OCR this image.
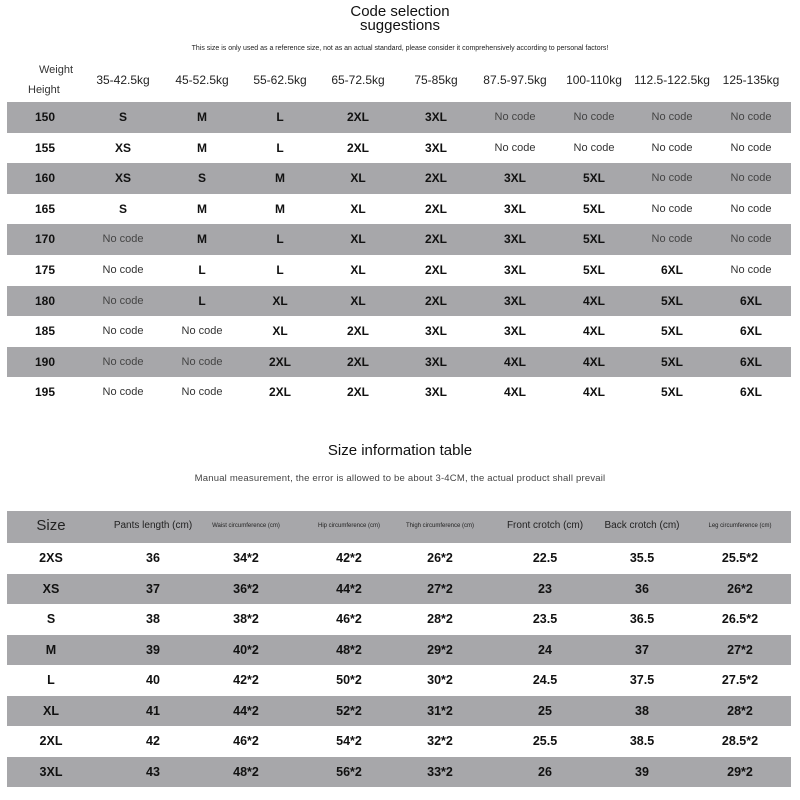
Code selection
suggestions
This size is only used as a reference size, not as an actual standard, please consider it comprehensively according to personal factors!
Weight
Height
35-42.5kg	45-52.5kg	55-62.5kg	65-72.5kg	75-85kg	87.5-97.5kg	100-110kg	112.5-122.5kg	125-135kg
150	S	M	L	2XL	3XL	No code	No code	No code	No code
155	XS	M	L	2XL	3XL	No code	No code	No code	No code
160	XS	S	M	XL	2XL	3XL	5XL	No code	No code
165	S	M	M	XL	2XL	3XL	5XL	No code	No code
170	No code	M	L	XL	2XL	3XL	5XL	No code	No code
175	No code	L	L	XL	2XL	3XL	5XL	6XL	No code
180	No code	L	XL	XL	2XL	3XL	4XL	5XL	6XL
185	No code	No code	XL	2XL	3XL	3XL	4XL	5XL	6XL
190	No code	No code	2XL	2XL	3XL	4XL	4XL	5XL	6XL
195	No code	No code	2XL	2XL	3XL	4XL	4XL	5XL	6XL
Size information table
Manual measurement, the error is allowed to be about 3-4CM, the actual product shall prevail
Size	Pants length (cm)	Waist circumference (cm)	Hip circumference (cm)	Thigh circumference (cm)	Front crotch (cm)	Back crotch (cm)	Leg circumference (cm)
2XS	36	34*2	42*2	26*2	22.5	35.5	25.5*2
XS	37	36*2	44*2	27*2	23	36	26*2
S	38	38*2	46*2	28*2	23.5	36.5	26.5*2
M	39	40*2	48*2	29*2	24	37	27*2
L	40	42*2	50*2	30*2	24.5	37.5	27.5*2
XL	41	44*2	52*2	31*2	25	38	28*2
2XL	42	46*2	54*2	32*2	25.5	38.5	28.5*2
3XL	43	48*2	56*2	33*2	26	39	29*2
